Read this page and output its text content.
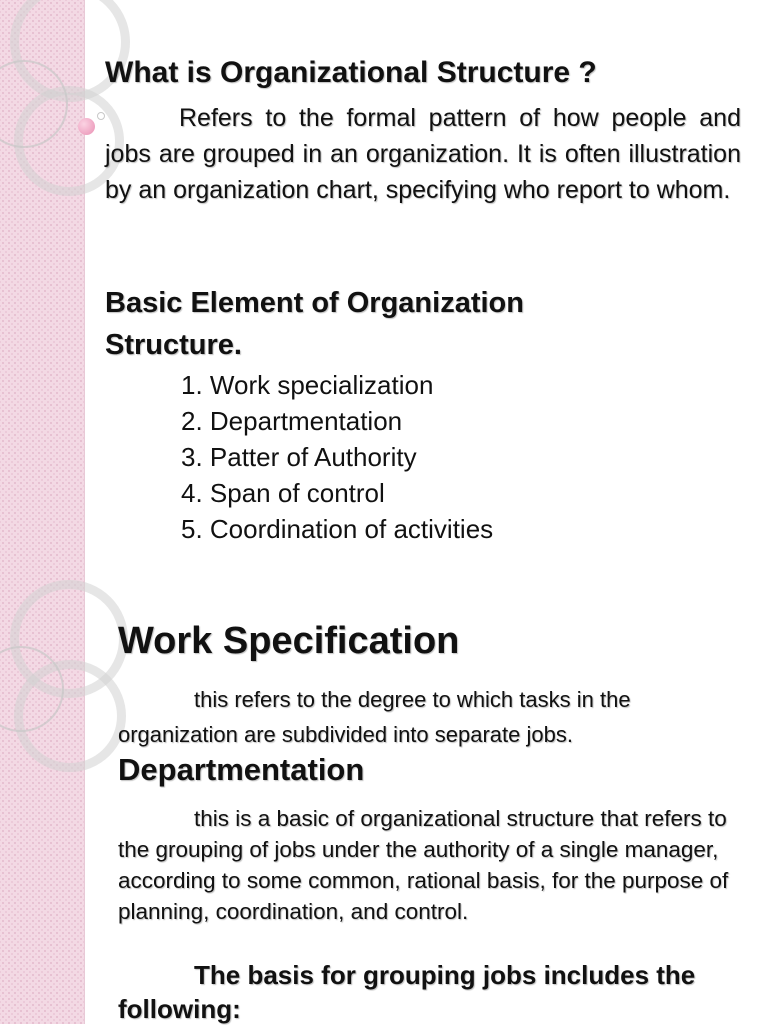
What is Organizational Structure ?
Refers to the formal pattern of how people and jobs are grouped in an organization. It is often illustration by an organization chart, specifying who report to whom.
Basic Element of Organization Structure.
1. Work specialization
2. Departmentation
3. Patter of Authority
4. Span of control
5. Coordination of activities
Work Specification
this refers to the degree to which tasks in the organization are subdivided into separate jobs.
Departmentation
this is a basic of organizational structure that refers to the grouping of jobs under the authority of a single manager, according to some common, rational basis, for the purpose of planning, coordination, and control.
The basis for grouping jobs includes the following:
